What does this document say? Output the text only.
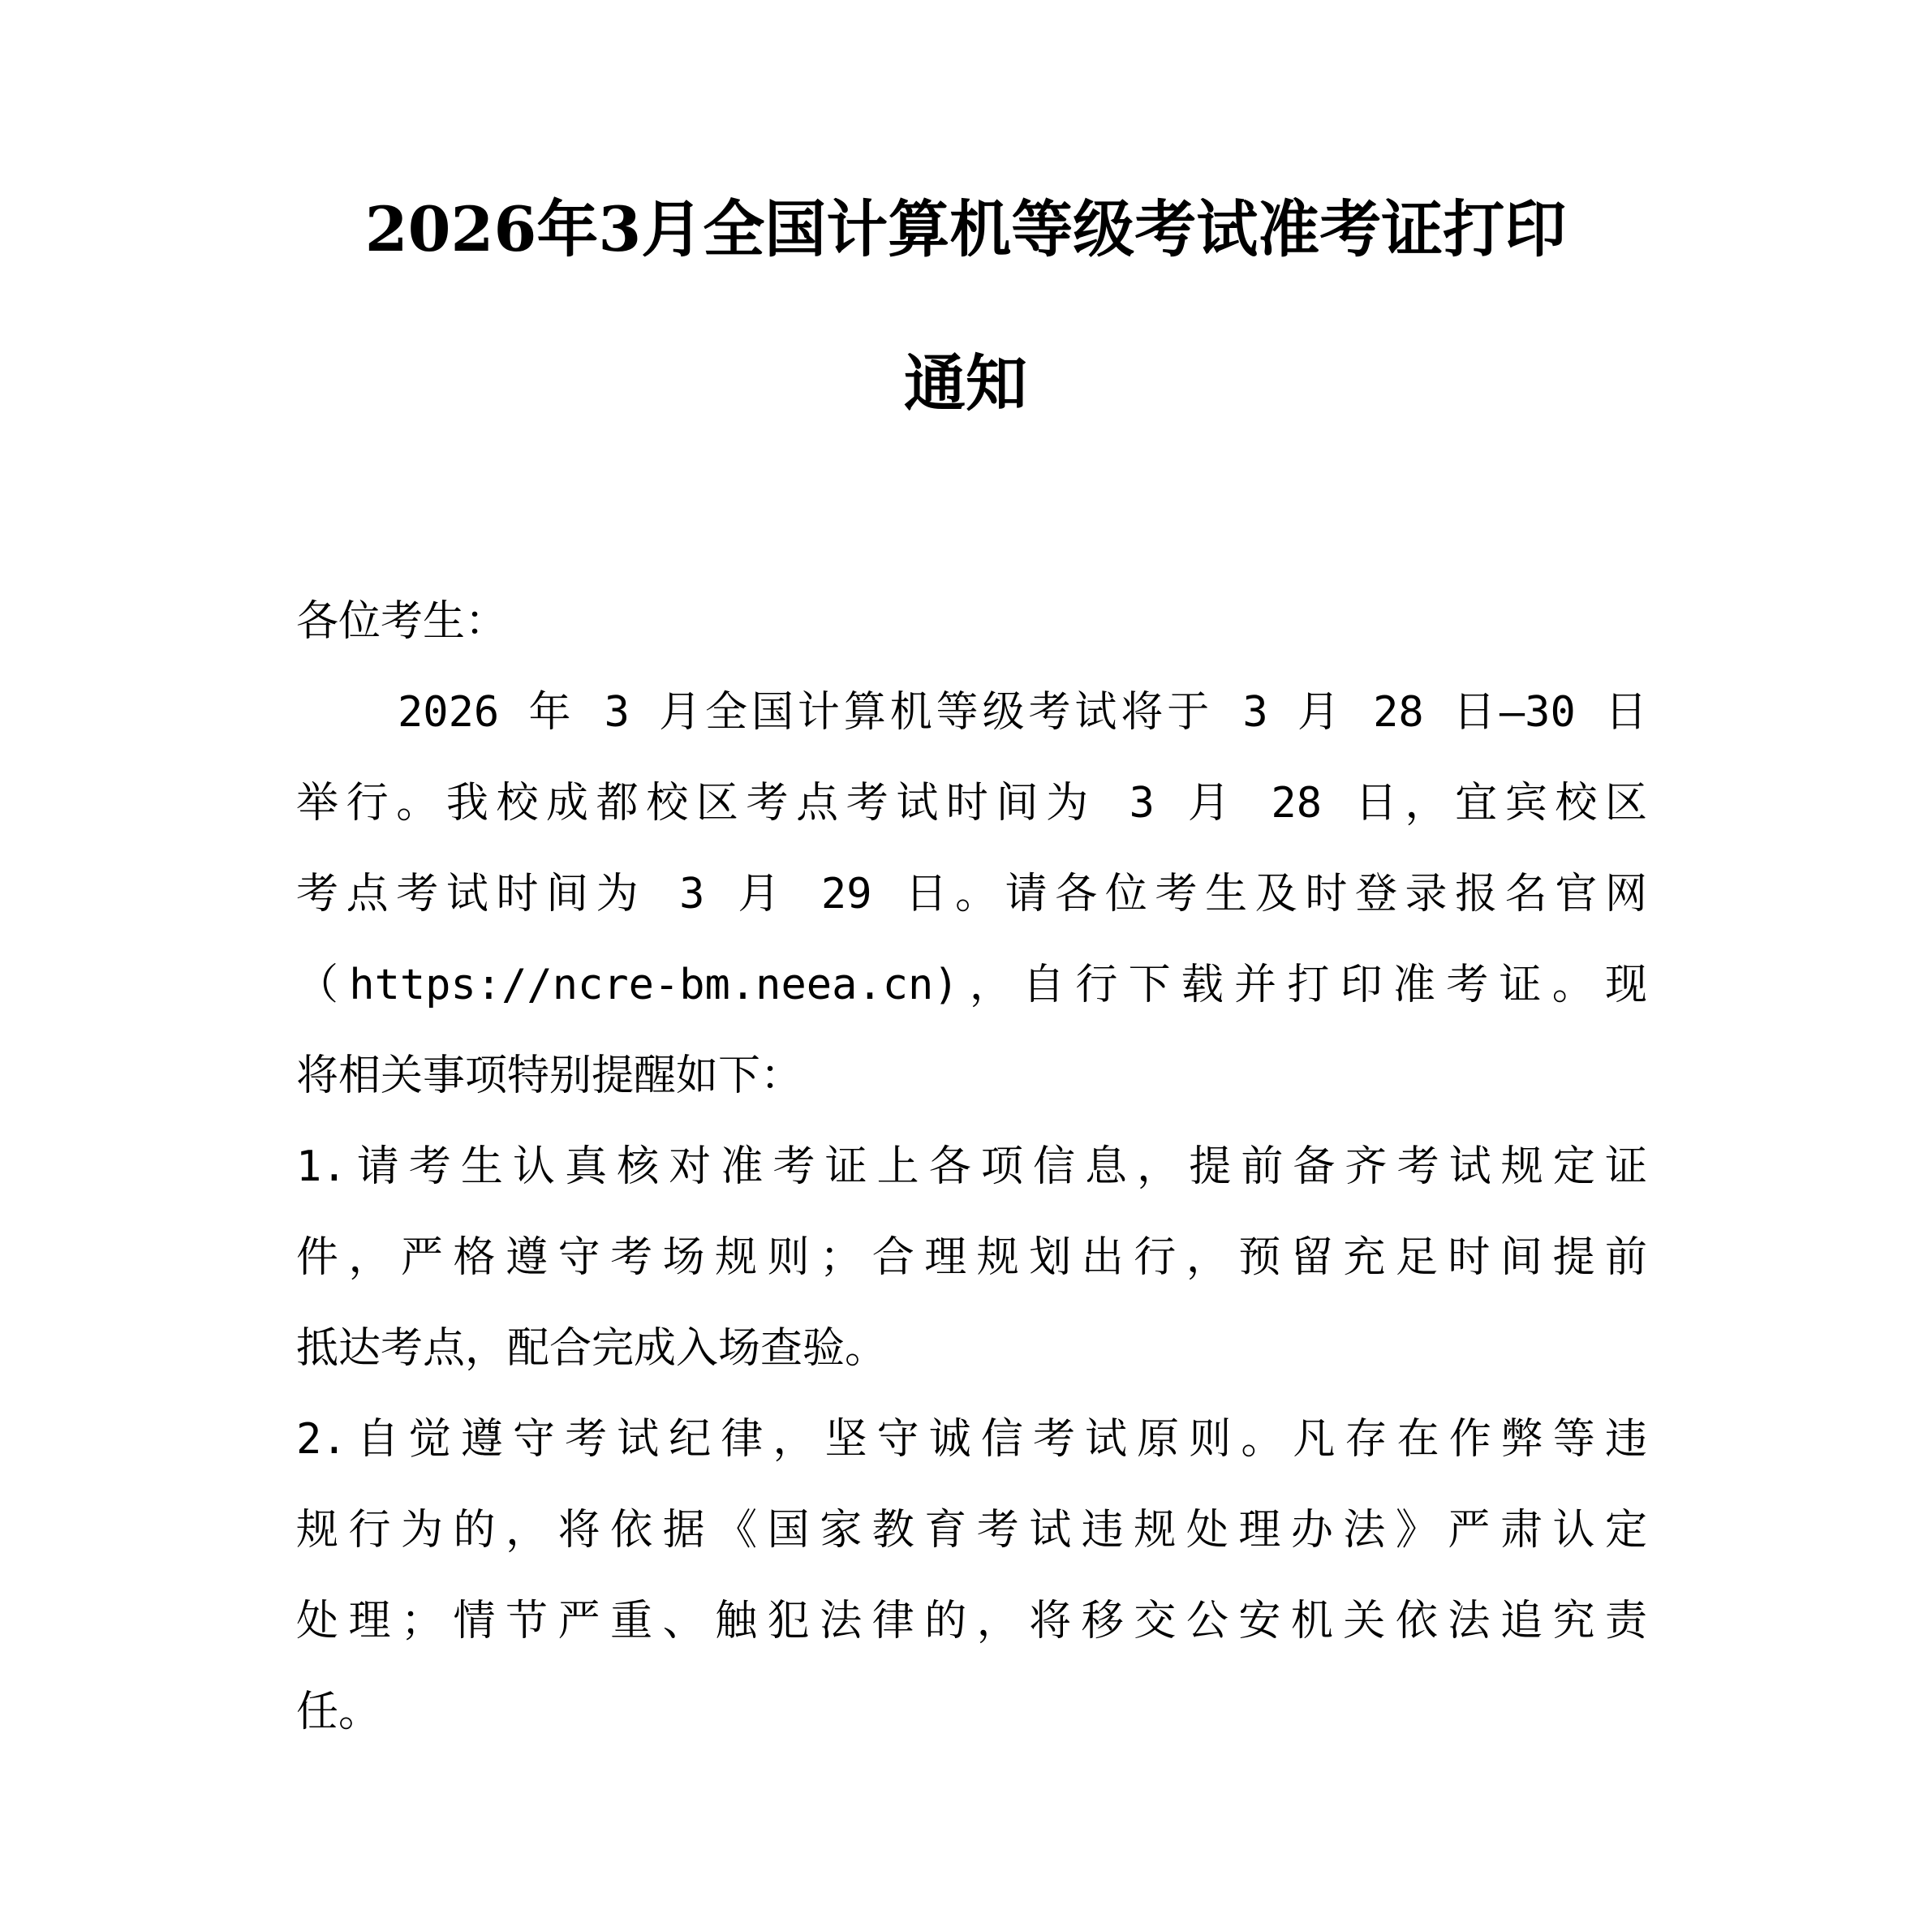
2026年3月全国计算机等级考试准考证打印
通知
各位考生：
2026 年 3 月全国计算机等级考试将于 3 月 28 日—30 日
举行。我校成都校区考点考试时间为 3 月 28 日，宜宾校区
考点考试时间为 3 月 29 日。请各位考生及时登录报名官网
（https://ncre-bm.neea.cn)，自行下载并打印准考证。现
将相关事项特别提醒如下：
1.请考生认真核对准考证上各项信息，提前备齐考试规定证
件，严格遵守考场规则；合理规划出行，预留充足时间提前
抵达考点，配合完成入场查验。
2.自觉遵守考试纪律，坚守诚信考试原则。凡存在作弊等违
规行为的，将依据《国家教育考试违规处理办法》严肃认定
处理；情节严重、触犯法律的，将移交公安机关依法追究责
任。
